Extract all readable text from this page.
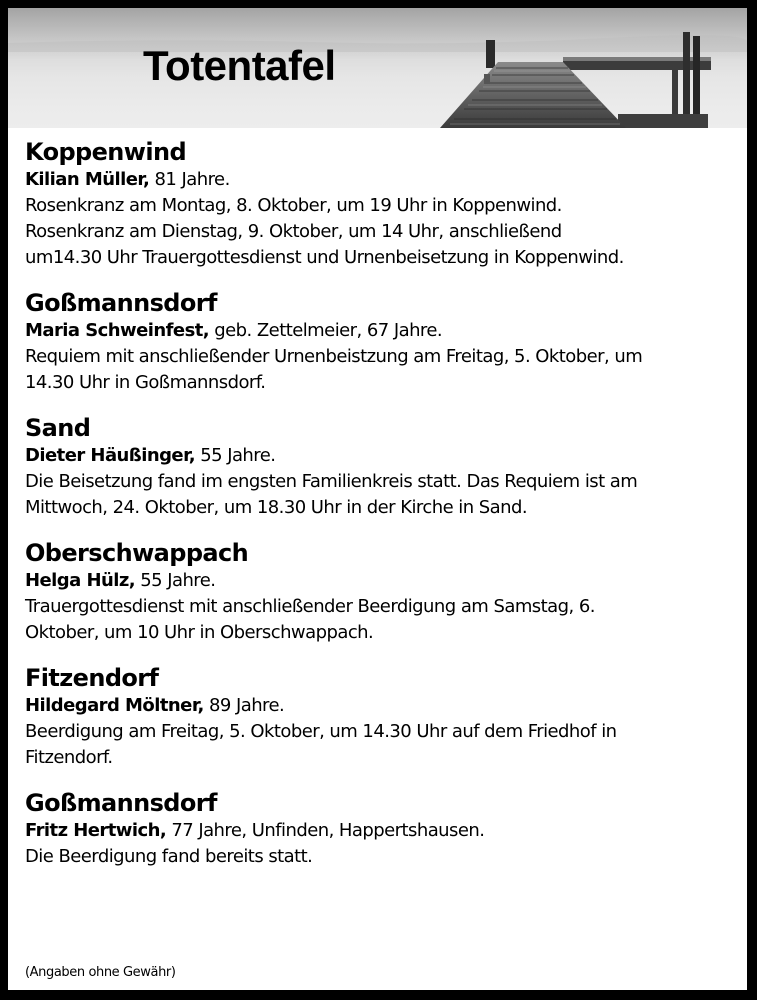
Totentafel
Koppenwind
Kilian Müller, 81 Jahre.
Rosenkranz am Montag, 8. Oktober, um 19 Uhr in Koppenwind.
Rosenkranz am Dienstag, 9. Oktober, um 14 Uhr, anschließend
um14.30 Uhr Trauergottesdienst und Urnenbeisetzung in Koppenwind.
Goßmannsdorf
Maria Schweinfest, geb. Zettelmeier, 67 Jahre.
Requiem mit anschließender Urnenbeistzung am Freitag, 5. Oktober, um
14.30 Uhr in Goßmannsdorf.
Sand
Dieter Häußinger, 55 Jahre.
Die Beisetzung fand im engsten Familienkreis statt. Das Requiem ist am
Mittwoch, 24. Oktober, um 18.30 Uhr in der Kirche in Sand.
Oberschwappach
Helga Hülz, 55 Jahre.
Trauergottesdienst mit anschließender Beerdigung am Samstag, 6.
Oktober, um 10 Uhr in Oberschwappach.
Fitzendorf
Hildegard Möltner, 89 Jahre.
Beerdigung am Freitag, 5. Oktober, um 14.30 Uhr auf dem Friedhof in
Fitzendorf.
Goßmannsdorf
Fritz Hertwich, 77 Jahre, Unfinden, Happertshausen.
Die Beerdigung fand bereits statt.
(Angaben ohne Gewähr)
